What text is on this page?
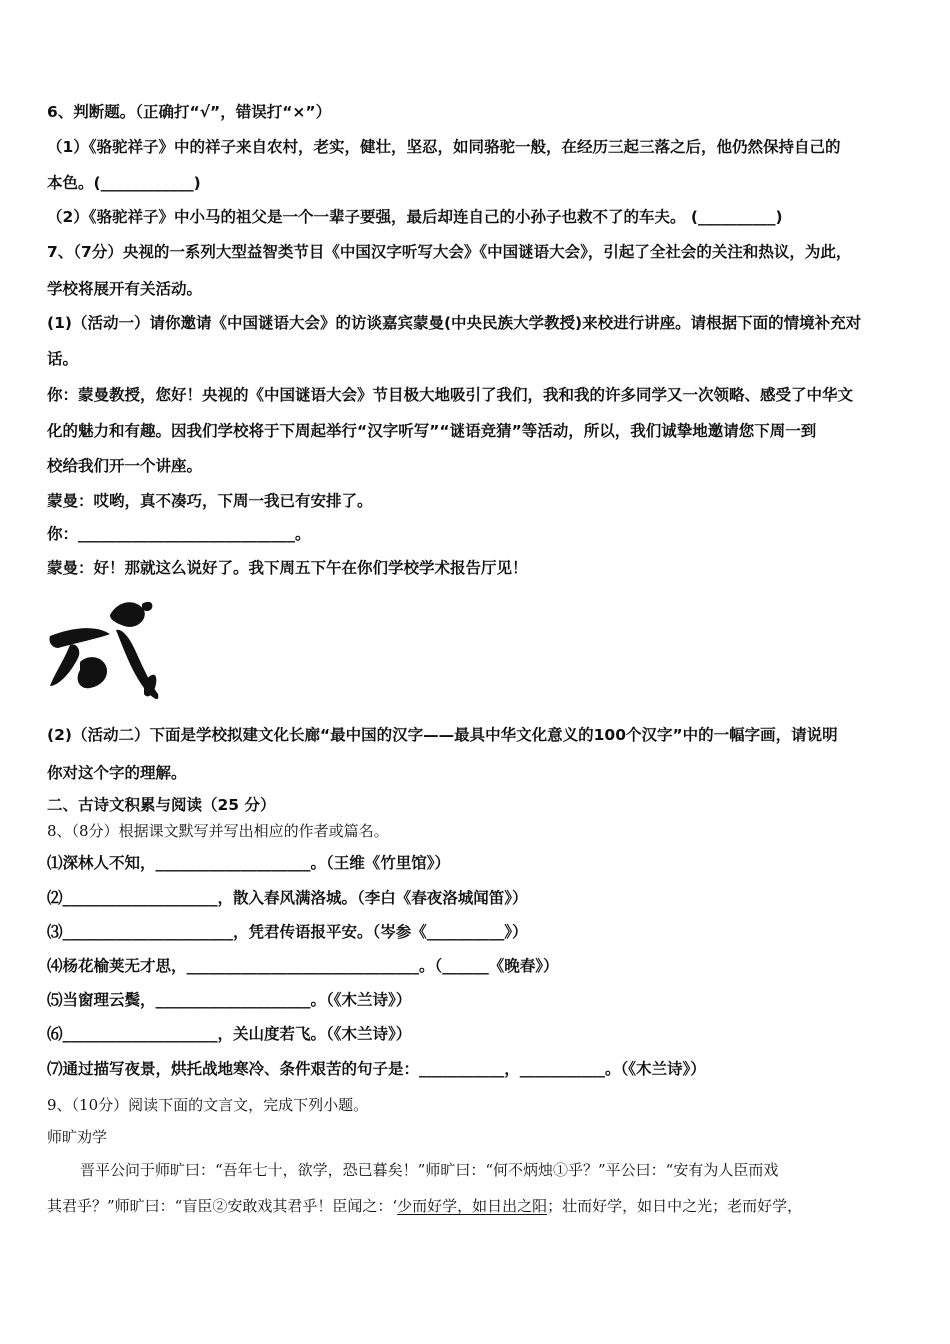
6、判断题。（正确打“√”，错误打“×”）
（1）《骆驼祥子》中的祥子来自农村，老实，健壮，坚忍，如同骆驼一般，在经历三起三落之后，他仍然保持自己的
本色。(____________)
（2）《骆驼祥子》中小马的祖父是一个一辈子要强，最后却连自己的小孙子也救不了的车夫。 (__________)
7、（7分）央视的一系列大型益智类节目《中国汉字听写大会》《中国谜语大会》，引起了全社会的关注和热议，为此，
学校将展开有关活动。
(1)（活动一）请你邀请《中国谜语大会》的访谈嘉宾蒙曼(中央民族大学教授)来校进行讲座。请根据下面的情境补充对
话。
你：蒙曼教授，您好！央视的《中国谜语大会》节目极大地吸引了我们，我和我的许多同学又一次领略、感受了中华文
化的魅力和有趣。因我们学校将于下周起举行“汉字听写”“谜语竞猜”等活动，所以，我们诚挚地邀请您下周一到
校给我们开一个讲座。
蒙曼：哎哟，真不凑巧，下周一我已有安排了。
你：____________________________。
蒙曼：好！那就这么说好了。我下周五下午在你们学校学术报告厅见！
(2)（活动二）下面是学校拟建文化长廊“最中国的汉字——最具中华文化意义的100个汉字”中的一幅字画，请说明
你对这个字的理解。
二、古诗文积累与阅读（25 分）
8、（8分）根据课文默写并写出相应的作者或篇名。
⑴深林人不知，____________________。（王维《竹里馆》）
⑵____________________，散入春风满洛城。（李白《春夜洛城闻笛》）
⑶______________________，凭君传语报平安。（岑参《__________》）
⑷杨花榆荚无才思，______________________________。（______《晚春》）
⑸当窗理云鬓，____________________。（《木兰诗》）
⑹____________________，关山度若飞。（《木兰诗》）
⑺通过描写夜景，烘托战地寒冷、条件艰苦的句子是：___________，___________。（《木兰诗》）
9、（10分）阅读下面的文言文，完成下列小题。
师旷劝学
晋平公问于师旷曰：“吾年七十，欲学，恐已暮矣！”师旷曰：“何不炳烛①乎？”平公曰：“安有为人臣而戏
其君乎？”师旷曰：“盲臣②安敢戏其君乎！臣闻之：‘少而好学，如日出之阳；壮而好学，如日中之光；老而好学，
